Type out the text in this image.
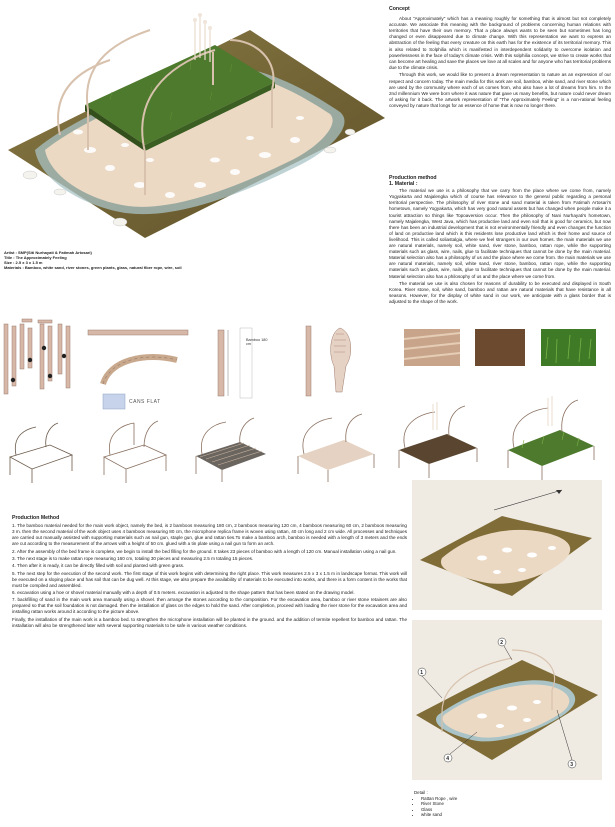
Artist : SMP(Siti Nurhayati & Fatimah Artosari)
Title : The Approximately Feeling
Size : 2.5 x 3 x 1.5 m
Materials : Bamboo, white sand, river stones, green plants, glass, natural fiber rope, wire, soil
Concept

About "Approximately" which has a meaning roughly for something that is almost but not completely accurate. We associate this meaning with the background of problems concerning human relations with territories that have their own memory. That a place always wants to be seen but sometimes has long changed or even disappeared due to climate change. With this representation we want to express an abstraction of the feeling that every creature on this earth has for the existence of its territorial memory. This is also related to Solphilia which is manifested in interdependent solidarity to overcome isolation and powerlessness in the face of today's climate crisis. With this solphilia concept, we strive to create works that can become art healing and save the places we love at all scales and for anyone who has territorial problems due to the climate crisis.

Through this work, we would like to present a dream representation to nature as an expression of our respect and concern today. The main media for this work are soil, bamboo, white sand, and river stone which are used by the community where each of us comes from, who also have a lot of dreams from him. In the 2nd millennium We were born where it was nature that gave us many benefits, but nature could never dream of asking for it back. The artwork representation of "The Approximately Feeling" is a non-rational feeling conveyed by nature that longs for an essence of home that is now no longer there.

Production method
1. Material :

The material we use is a philosophy that we carry from the place where we come from, namely Yogyakarta and Majalengka which of course has relevance to the general public regarding a personal territorial perspective. The philosophy of river stone and sand material is taken from Fatimah Artosari's hometown, namely Yogyakarta, which has very good natural assets but has changed when people make it a tourist attraction so things like Topoaversion occur. Then the philosophy of Nani Nurhayati's hometown, namely Majalengka, West Java, which has productive land and even soil that is good for ceramics, but now there has been an industrial development that is not environmentally friendly and even changes the function of land on productive land which is this residents lose productive land which is their home and source of livelihood. This is called soliastalgia, where we feel strangers in our own homes. the main materials we use are natural materials, namely soil, white sand, river stone, bamboo, rattan rope, while the supporting materials such as glass, wire, nails, glue to facilitate techniques that cannot be done by the main material. Material selection also has a philosophy of us and the place where we come from. the main materials we use are natural materials, namely soil, white sand, river stone, bamboo, rattan rope, while the supporting materials such as glass, wire, nails, glue to facilitate techniques that cannot be done by the main material. Material selection also has a philosophy of us and the place where we come from.

The material we use is also chosen for reasons of durability to be executed and displayed in South Korea. River stone, soil, white sand, bamboo and rattan are natural materials that have resistance in all seasons. However, for the display of white sand in our work, we anticipate with a glass border that is adjusted to the shape of the work.

CANS FLAT
Bamboo 180 cm
Production Method

1. The bamboo material needed for the main work object, namely the bed, is 2 bamboos measuring 180 cm, 2 bamboos measuring 120 cm, 4 bamboos measuring 60 cm, 2 bamboos measuring 3 m. then the second material of the work object uses 4 bamboos measuring 80 cm, the microphone replica frame is woven using rattan, 40 cm long and 2 cm wide. All processes and techniques are carried out manually assisted with supporting materials such as nail gun, staple gun, glue and rattan ties.To make a bamboo arch, bamboo is needed with a length of 3 meters and the ends are cut according to the measurement of the arrows with a height of 50 cm. glued with a tin plate using a nail gun to form an arch.

2. After the assembly of the bed frame is complete, we begin to install the bed filling for the ground. It takes 23 pieces of bamboo with a length of 120 cm. Manual installation using a nail gun.

3. The next stage is to make rattan rope measuring 160 cm, totaling 30 pieces and measuring 2.5 m totaling 15 pieces.

4. Then after it is ready, it can be directly filled with soil and planted with green grass.

5. The next step for the execution of the second work. The first stage of this work begins with determining the right place. This work measures 2.5 x 3 x 1.5 m in landscape format. This work will be executed on a sloping place and has soil that can be dug well. At this stage, we also prepare the availability of materials to be executed into works, and there is a form content in the works that must be compiled and assembled.

6. excavation using a hoe or shovel material manually with a depth of 0.5 meters. excavation is adjusted to the shape pattern that has been stated on the drawing model.

7. backfilling of sand in the main work area manually using a shovel. then arrange the stones according to the composition. For the excavation area, bamboo or river stone retainers are also prepared so that the soil foundation is not damaged. then the installation of glass on the edges to hold the sand. After completion, proceed with loading the river stone for the excavation area and installing rattan works around it according to the picture above.

Finally, the installation of the main work is a bamboo bed. to strengthen the microphone installation will be planted in the ground. and the addition of termite repellent for bamboo and rattan. The installation will also be strengthened later with several supporting materials to be safe in various weather conditions.

1
2
3
4
Detail :
• Rattan Rope , wire
• River Stone
• Glass
• white sand
